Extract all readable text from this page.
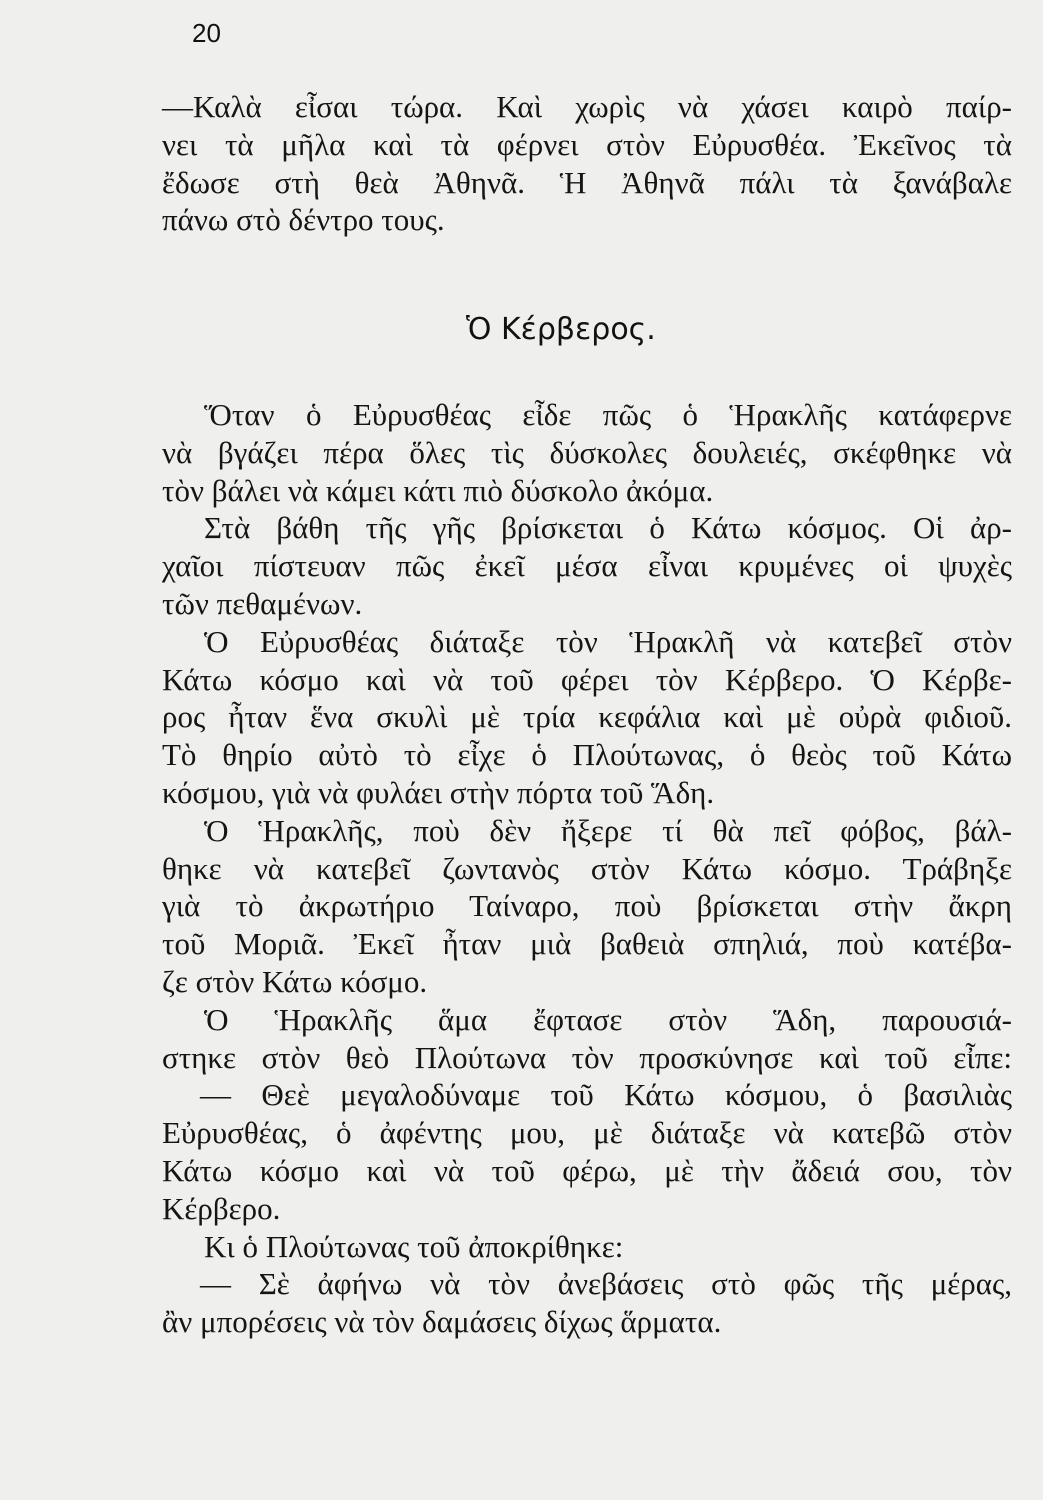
20
—Καλὰ εἶσαι τώρα. Καὶ χωρὶς νὰ χάσει καιρὸ παίρ-
νει τὰ μῆλα καὶ τὰ φέρνει στὸν Εὐρυσθέα. Ἐκεῖνος τὰ
ἔδωσε στὴ θεὰ Ἀθηνᾶ. Ἡ Ἀθηνᾶ πάλι τὰ ξανάβαλε
πάνω στὸ δέντρο τους.
Ὁ Κέρβερος.
Ὅταν ὁ Εὐρυσθέας εἶδε πῶς ὁ Ἡρακλῆς κατάφερνε
νὰ βγάζει πέρα ὅλες τὶς δύσκολες δουλειές, σκέφθηκε νὰ
τὸν βάλει νὰ κάμει κάτι πιὸ δύσκολο ἀκόμα.
Στὰ βάθη τῆς γῆς βρίσκεται ὁ Κάτω κόσμος. Οἱ ἀρ-
χαῖοι πίστευαν πῶς ἐκεῖ μέσα εἶναι κρυμένες οἱ ψυχὲς
τῶν πεθαμένων.
Ὁ Εὐρυσθέας διάταξε τὸν Ἡρακλῆ νὰ κατεβεῖ στὸν
Κάτω κόσμο καὶ νὰ τοῦ φέρει τὸν Κέρβερο. Ὁ Κέρβε-
ρος ἦταν ἕνα σκυλὶ μὲ τρία κεφάλια καὶ μὲ οὐρὰ φιδιοῦ.
Τὸ θηρίο αὐτὸ τὸ εἶχε ὁ Πλούτωνας, ὁ θεὸς τοῦ Κάτω
κόσμου, γιὰ νὰ φυλάει στὴν πόρτα τοῦ Ἅδη.
Ὁ Ἡρακλῆς, ποὺ δὲν ἤξερε τί θὰ πεῖ φόβος, βάλ-
θηκε νὰ κατεβεῖ ζωντανὸς στὸν Κάτω κόσμο. Τράβηξε
γιὰ τὸ ἀκρωτήριο Ταίναρο, ποὺ βρίσκεται στὴν ἄκρη
τοῦ Μοριᾶ. Ἐκεῖ ἦταν μιὰ βαθειὰ σπηλιά, ποὺ κατέβα-
ζε στὸν Κάτω κόσμο.
Ὁ Ἡρακλῆς ἅμα ἔφτασε στὸν Ἅδη, παρουσιά-
στηκε στὸν θεὸ Πλούτωνα τὸν προσκύνησε καὶ τοῦ εἶπε:
— Θεὲ μεγαλοδύναμε τοῦ Κάτω κόσμου, ὁ βασιλιὰς
Εὐρυσθέας, ὁ ἀφέντης μου, μὲ διάταξε νὰ κατεβῶ στὸν
Κάτω κόσμο καὶ νὰ τοῦ φέρω, μὲ τὴν ἄδειά σου, τὸν
Κέρβερο.
Κι ὁ Πλούτωνας τοῦ ἀποκρίθηκε:
— Σὲ ἀφήνω νὰ τὸν ἀνεβάσεις στὸ φῶς τῆς μέρας,
ἂν μπορέσεις νὰ τὸν δαμάσεις δίχως ἅρματα.
